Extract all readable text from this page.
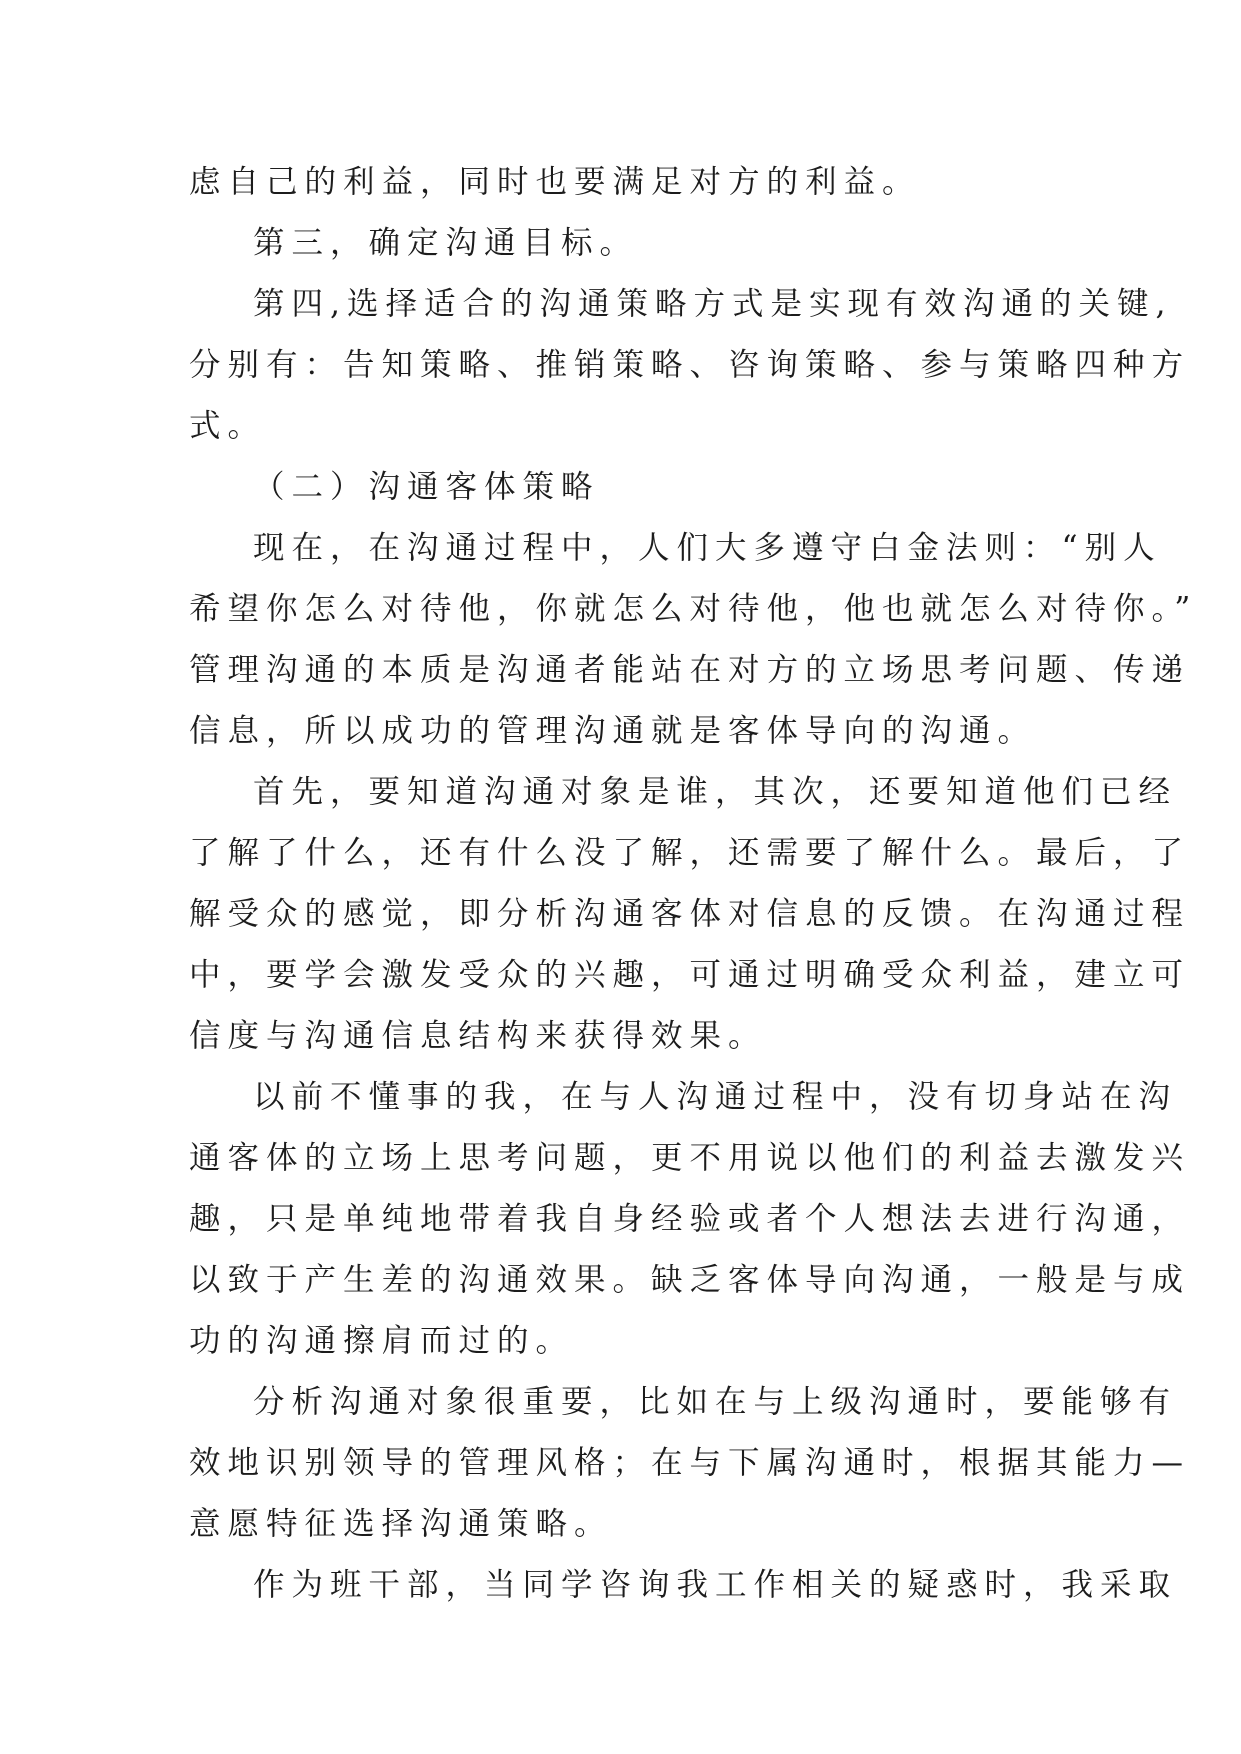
虑自己的利益，同时也要满足对方的利益。
第三，确定沟通目标。
第四,选择适合的沟通策略方式是实现有效沟通的关键,
分别有：告知策略、推销策略、咨询策略、参与策略四种方
式。
（二）沟通客体策略
现在，在沟通过程中，人们大多遵守白金法则：“别人
希望你怎么对待他，你就怎么对待他，他也就怎么对待你。”
管理沟通的本质是沟通者能站在对方的立场思考问题、传递
信息，所以成功的管理沟通就是客体导向的沟通。
首先，要知道沟通对象是谁，其次，还要知道他们已经
了解了什么，还有什么没了解，还需要了解什么。最后，了
解受众的感觉，即分析沟通客体对信息的反馈。在沟通过程
中，要学会激发受众的兴趣，可通过明确受众利益，建立可
信度与沟通信息结构来获得效果。
以前不懂事的我，在与人沟通过程中，没有切身站在沟
通客体的立场上思考问题，更不用说以他们的利益去激发兴
趣，只是单纯地带着我自身经验或者个人想法去进行沟通，
以致于产生差的沟通效果。缺乏客体导向沟通，一般是与成
功的沟通擦肩而过的。
分析沟通对象很重要，比如在与上级沟通时，要能够有
效地识别领导的管理风格；在与下属沟通时，根据其能力—
意愿特征选择沟通策略。
作为班干部，当同学咨询我工作相关的疑惑时，我采取
